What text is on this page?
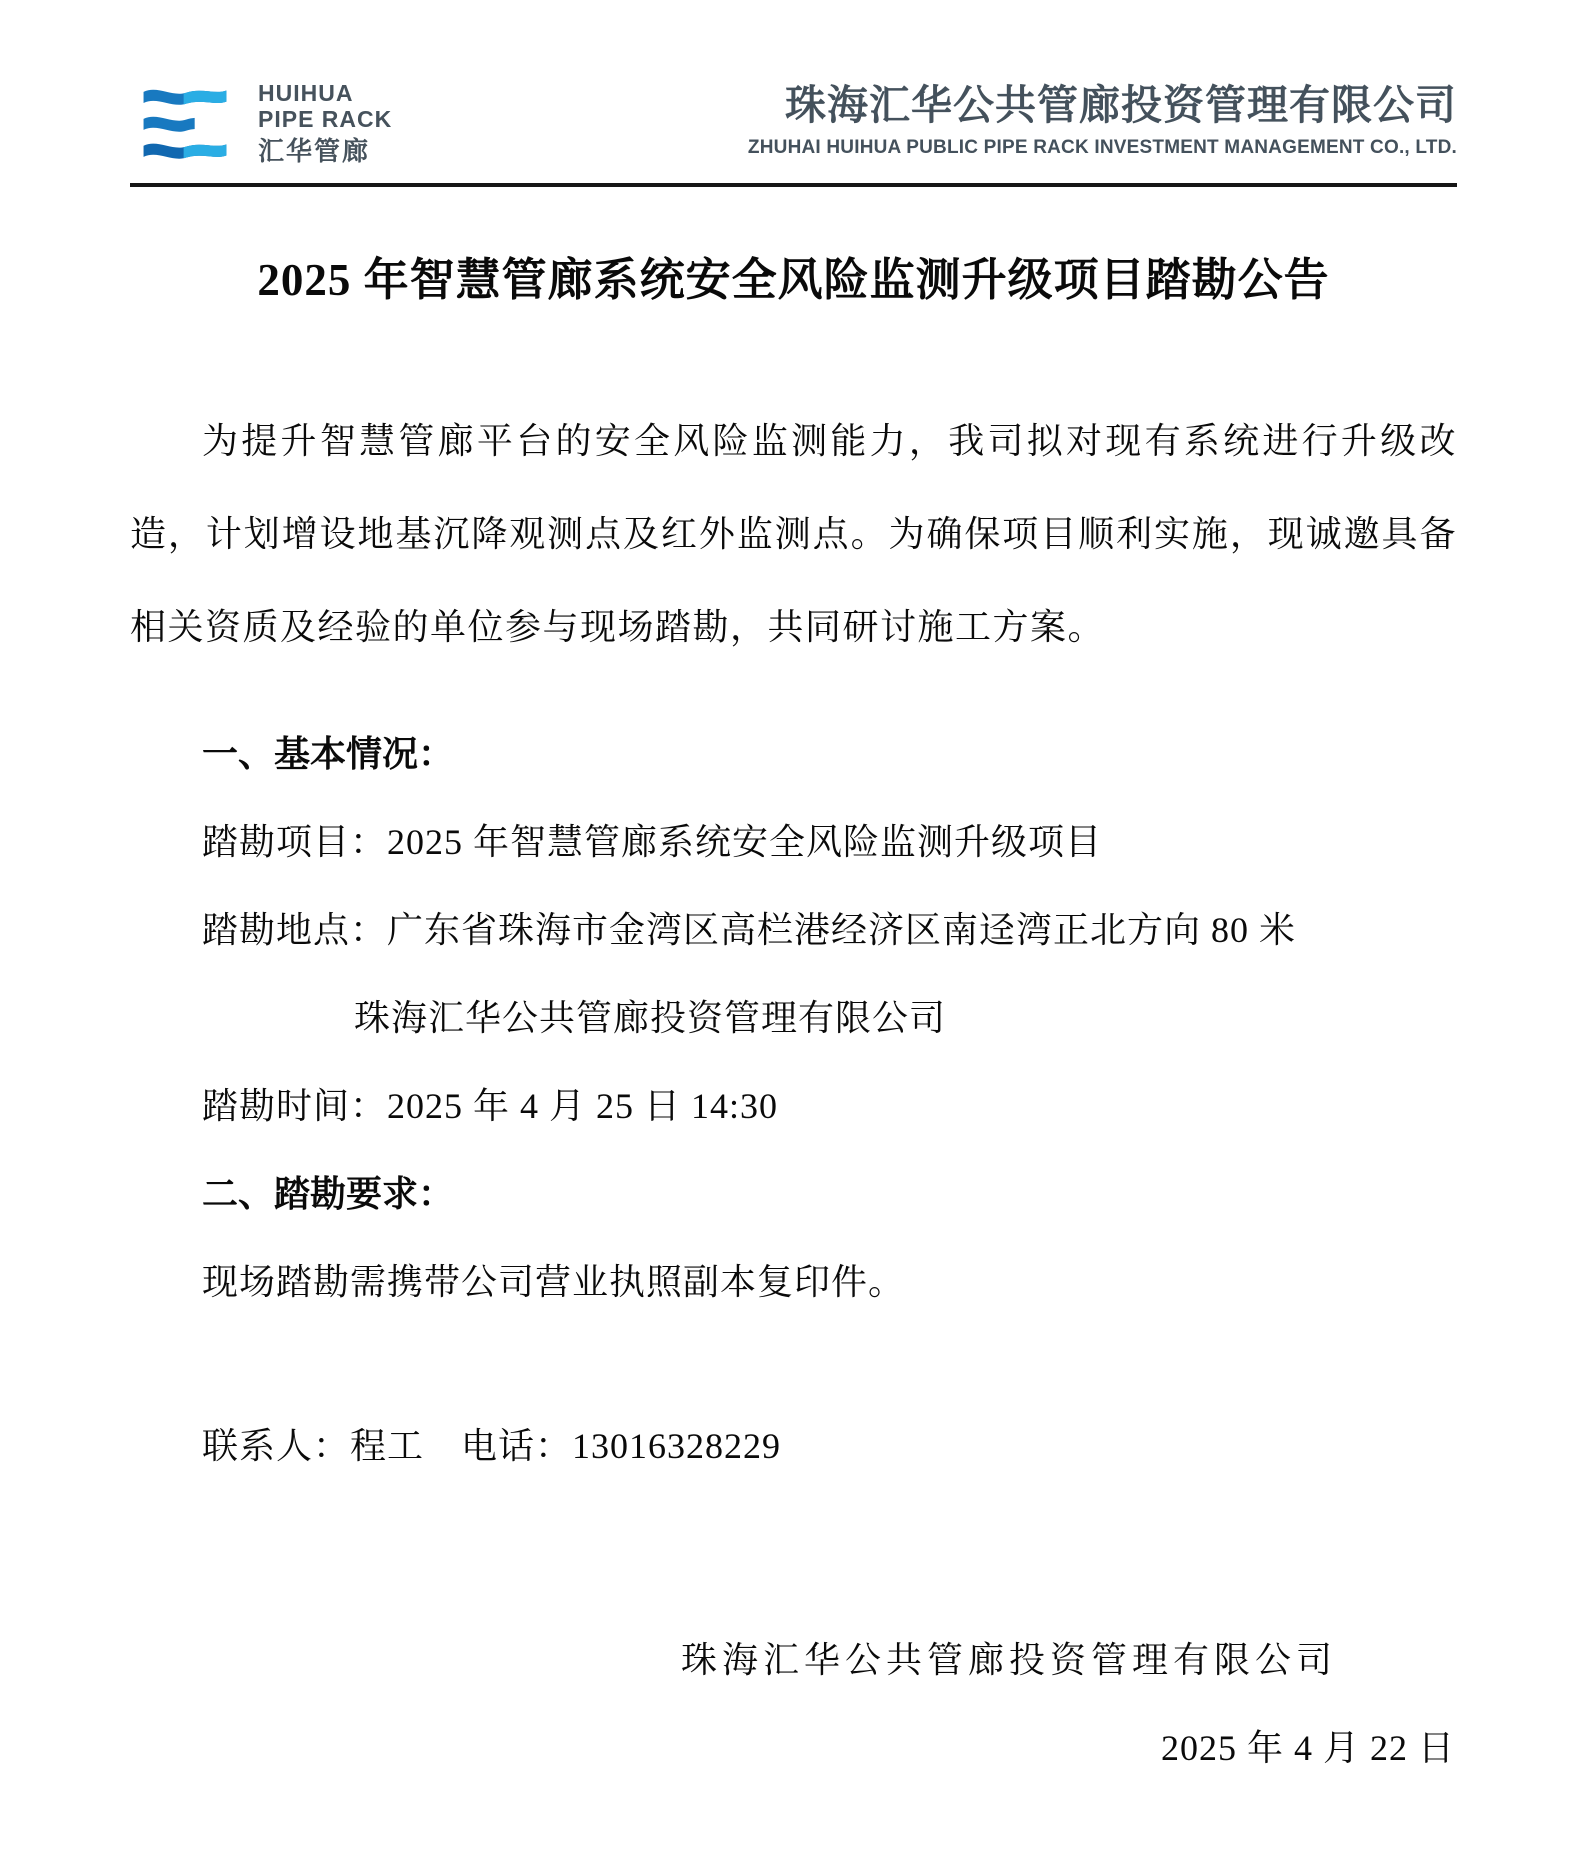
HUIHUA
PIPE RACK
汇华管廊
珠海汇华公共管廊投资管理有限公司
ZHUHAI HUIHUA PUBLIC PIPE RACK INVESTMENT MANAGEMENT CO., LTD.
2025 年智慧管廊系统安全风险监测升级项目踏勘公告

为提升智慧管廊平台的安全风险监测能力，我司拟对现有系统进行升级改造，计划增设地基沉降观测点及红外监测点。为确保项目顺利实施，现诚邀具备相关资质及经验的单位参与现场踏勘，共同研讨施工方案。

一、基本情况：
踏勘项目：2025 年智慧管廊系统安全风险监测升级项目
踏勘地点：广东省珠海市金湾区高栏港经济区南迳湾正北方向 80 米
珠海汇华公共管廊投资管理有限公司
踏勘时间：2025 年 4 月 25 日 14:30
二、踏勘要求：
现场踏勘需携带公司营业执照副本复印件。
联系人：程工　电话：13016328229
珠海汇华公共管廊投资管理有限公司
2025 年 4 月 22 日
